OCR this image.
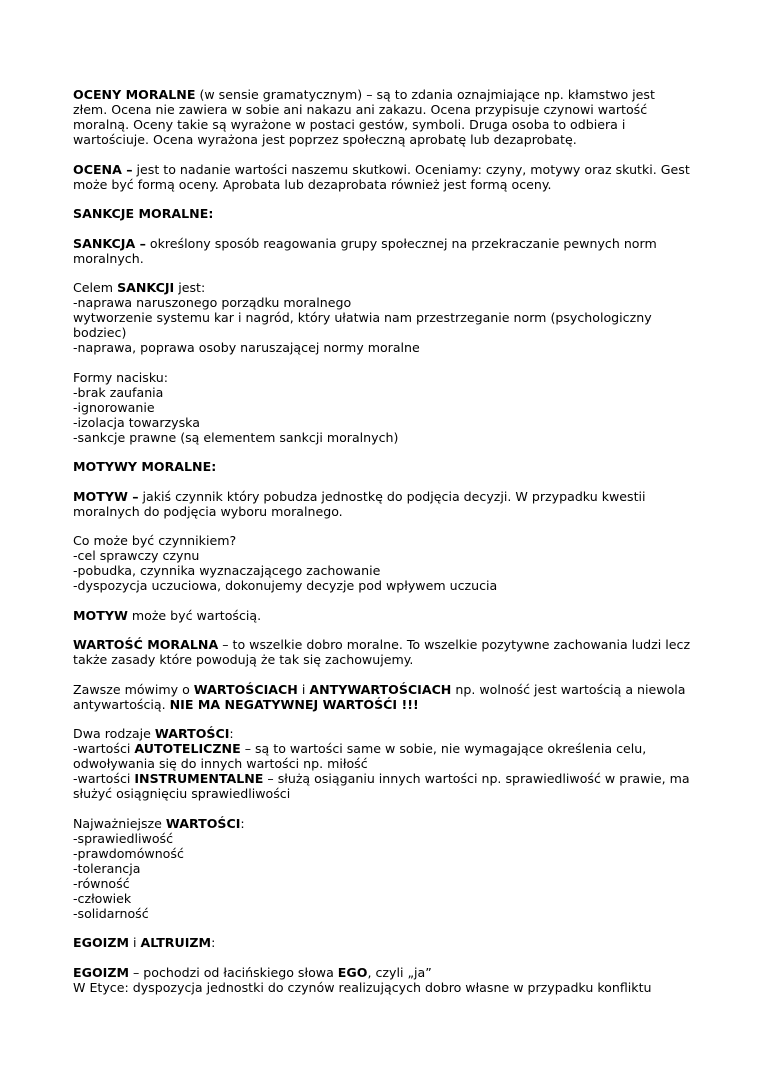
OCENY MORALNE (w sensie gramatycznym) – są to zdania oznajmiające np. kłamstwo jest złem. Ocena nie zawiera w sobie ani nakazu ani zakazu. Ocena przypisuje czynowi wartość moralną. Oceny takie są wyrażone w postaci gestów, symboli. Druga osoba to odbiera i wartościuje. Ocena wyrażona jest poprzez społeczną aprobatę lub dezaprobatę.

OCENA – jest to nadanie wartości naszemu skutkowi. Oceniamy: czyny, motywy oraz skutki. Gest może być formą oceny. Aprobata lub dezaprobata również jest formą oceny.

SANKCJE MORALNE:

SANKCJA – określony sposób reagowania grupy społecznej na przekraczanie pewnych norm moralnych.

Celem SANKCJI jest:
-naprawa naruszonego porządku moralnego
wytworzenie systemu kar i nagród, który ułatwia nam przestrzeganie norm (psychologiczny bodziec)
-naprawa, poprawa osoby naruszającej normy moralne

Formy nacisku:
-brak zaufania
-ignorowanie
-izolacja towarzyska
-sankcje prawne (są elementem sankcji moralnych)

MOTYWY MORALNE:

MOTYW – jakiś czynnik który pobudza jednostkę do podjęcia decyzji. W przypadku kwestii moralnych do podjęcia wyboru moralnego.

Co może być czynnikiem?
-cel sprawczy czynu
-pobudka, czynnika wyznaczającego zachowanie
-dyspozycja uczuciowa, dokonujemy decyzje pod wpływem uczucia

MOTYW może być wartością.

WARTOŚĆ MORALNA – to wszelkie dobro moralne. To wszelkie pozytywne zachowania ludzi lecz także zasady które powodują że tak się zachowujemy.

Zawsze mówimy o WARTOŚCIACH i ANTYWARTOŚCIACH np. wolność jest wartością a niewola antywartością. NIE MA NEGATYWNEJ WARTOŚĆI !!!

Dwa rodzaje WARTOŚCI:
-wartości AUTOTELICZNE – są to wartości same w sobie, nie wymagające określenia celu, odwoływania się do innych wartości np. miłość
-wartości INSTRUMENTALNE – służą osiąganiu innych wartości np. sprawiedliwość w prawie, ma służyć osiągnięciu sprawiedliwości

Najważniejsze WARTOŚCI:
-sprawiedliwość
-prawdomówność
-tolerancja
-równość
-człowiek
-solidarność

EGOIZM i ALTRUIZM:

EGOIZM – pochodzi od łacińskiego słowa EGO, czyli „ja”
W Etyce: dyspozycja jednostki do czynów realizujących dobro własne w przypadku konfliktu
